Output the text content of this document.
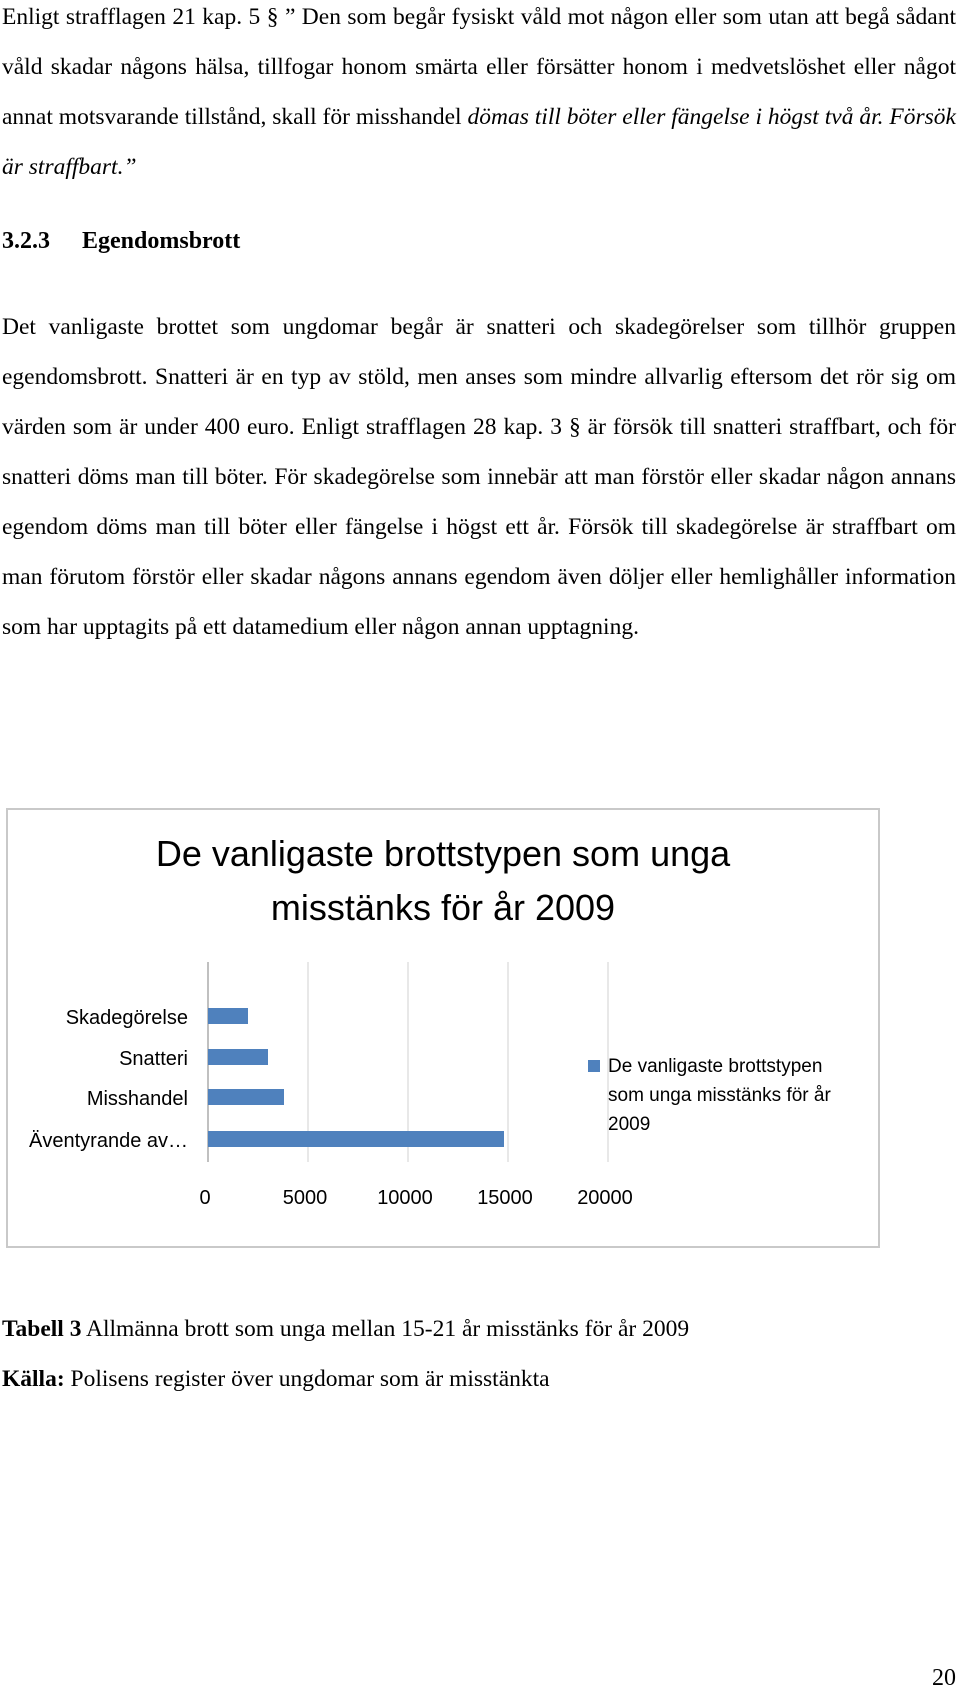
Enligt strafflagen 21 kap. 5 § ” Den som begår fysiskt våld mot någon eller som utan att begå sådant våld skadar någons hälsa, tillfogar honom smärta eller försätter honom i medvetslöshet eller något annat motsvarande tillstånd, skall för misshandel dömas till böter eller fängelse i högst två år. Försök är straffbart.”

3.2.3 Egendomsbrott

Det vanligaste brottet som ungdomar begår är snatteri och skadegörelser som tillhör gruppen egendomsbrott. Snatteri är en typ av stöld, men anses som mindre allvarlig eftersom det rör sig om värden som är under 400 euro. Enligt strafflagen 28 kap. 3 § är försök till snatteri straffbart, och för snatteri döms man till böter. För skadegörelse som innebär att man förstör eller skadar någon annans egendom döms man till böter eller fängelse i högst ett år. Försök till skadegörelse är straffbart om man förutom förstör eller skadar någons annans egendom även döljer eller hemlighåller information som har upptagits på ett datamedium eller någon annan upptagning.

De vanligaste brottstypen som unga
misstänks för år 2009
Skadegörelse
Snatteri
Misshandel
Äventyrande av…
0	5000 10000 15000 20000
De vanligaste brottstypen
som unga misstänks för år
2009

Tabell 3 Allmänna brott som unga mellan 15-21 år misstänks för år 2009

Källa: Polisens register över ungdomar som är misstänkta

20
